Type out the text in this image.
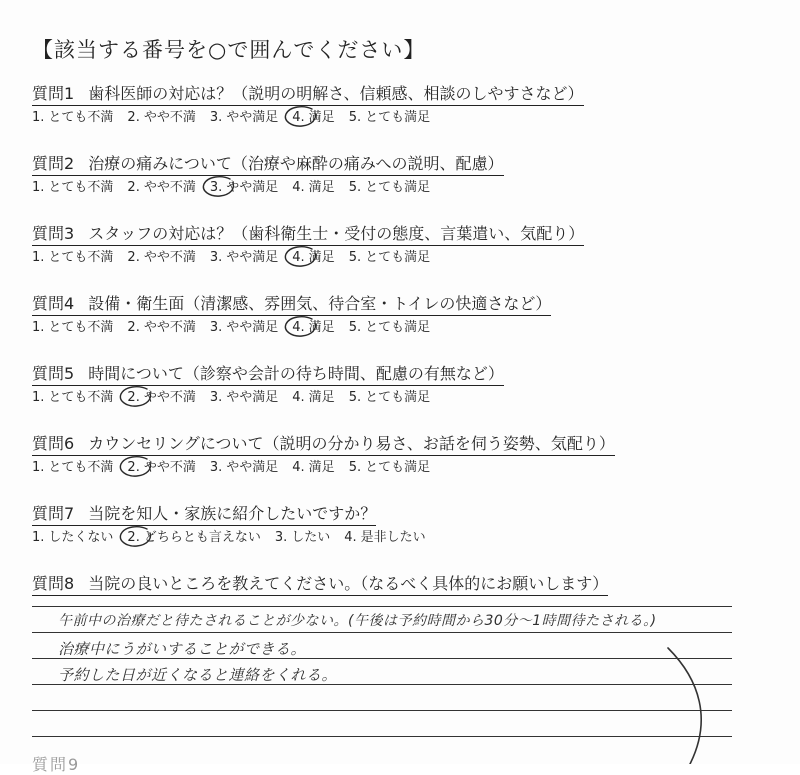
【該当する番号を○で囲んでください】
質問1 歯科医師の対応は？（説明の明解さ、信頼感、相談のしやすさなど）
1. とても不満 2. やや不満 3. やや満足 4. 満足 5. とても満足
質問2 治療の痛みについて（治療や麻酔の痛みへの説明、配慮）
1. とても不満 2. やや不満 3. やや満足 4. 満足 5. とても満足
質問3 スタッフの対応は？（歯科衛生士・受付の態度、言葉遣い、気配り）
1. とても不満 2. やや不満 3. やや満足 4. 満足 5. とても満足
質問4 設備・衛生面（清潔感、雰囲気、待合室・トイレの快適さなど）
1. とても不満 2. やや不満 3. やや満足 4. 満足 5. とても満足
質問5 時間について（診察や会計の待ち時間、配慮の有無など）
1. とても不満 2. やや不満 3. やや満足 4. 満足 5. とても満足
質問6 カウンセリングについて（説明の分かり易さ、お話を伺う姿勢、気配り）
1. とても不満 2. やや不満 3. やや満足 4. 満足 5. とても満足
質問7 当院を知人・家族に紹介したいですか？
1. したくない 2. どちらとも言えない 3. したい 4. 是非したい
質問8 当院の良いところを教えてください。（なるべく具体的にお願いします）
午前中の治療だと待たされることが少ない。(午後は予約時間から30分〜1時間待たされる。)
治療中にうがいすることができる。
予約した日が近くなると連絡をくれる。
質問9
